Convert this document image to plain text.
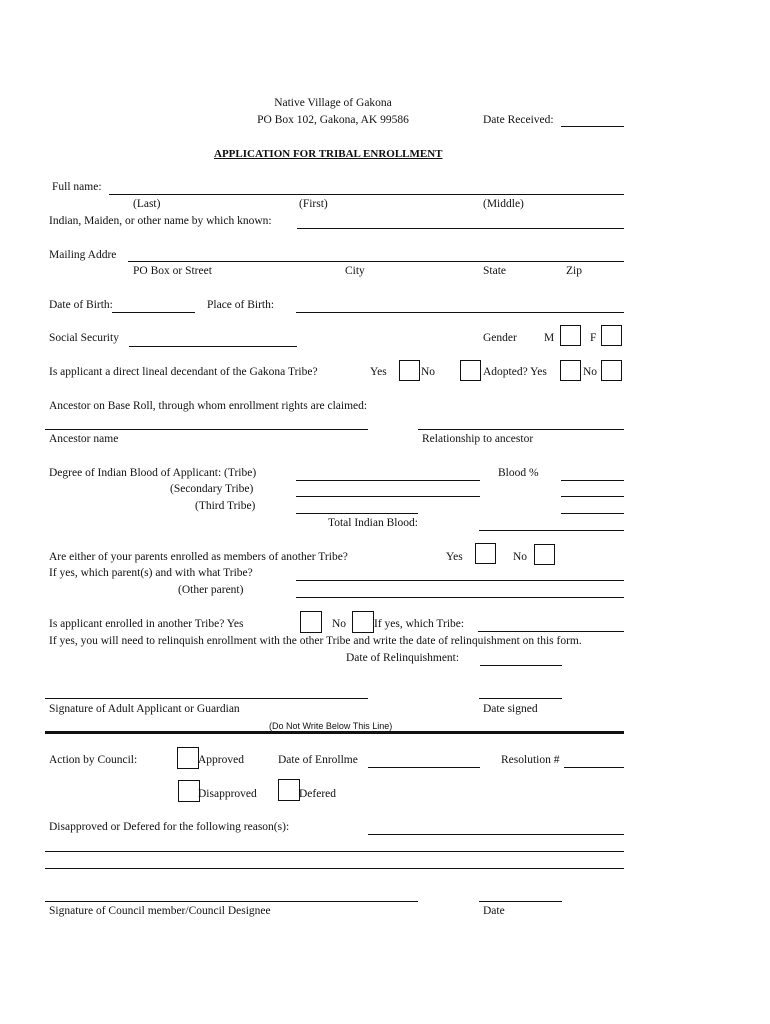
Native Village of Gakona
PO Box 102, Gakona, AK 99586	Date Received:
APPLICATION FOR TRIBAL ENROLLMENT
Full name:
(Last)	(First)	(Middle)
Indian, Maiden, or other name by which known:
Mailing Addre
PO Box or Street	City	State	Zip
Date of Birth:	Place of Birth:
Social Security	Gender M	F
Is applicant a direct lineal decendant of the Gakona Tribe?	Yes	No	Adopted? Yes	No
Ancestor on Base Roll, through whom enrollment rights are claimed:
Ancestor name	Relationship to ancestor
Degree of Indian Blood of Applicant: (Tribe)	Blood %
(Secondary Tribe)
(Third Tribe)
Total Indian Blood:
Are either of your parents enrolled as members of another Tribe?	Yes	No
If yes, which parent(s) and with what Tribe?
(Other parent)
Is applicant enrolled in another Tribe? Yes	No If yes, which Tribe:
If yes, you will need to relinquish enrollment with the other Tribe and write the date of relinquishment on this form.
Date of Relinquishment:
Signature of Adult Applicant or Guardian	Date signed
(Do Not Write Below This Line)
Action by Council:	Approved	Date of Enrollme	Resolution #
Disapproved	Defered
Disapproved or Defered for the following reason(s):
Signature of Council member/Council Designee	Date
